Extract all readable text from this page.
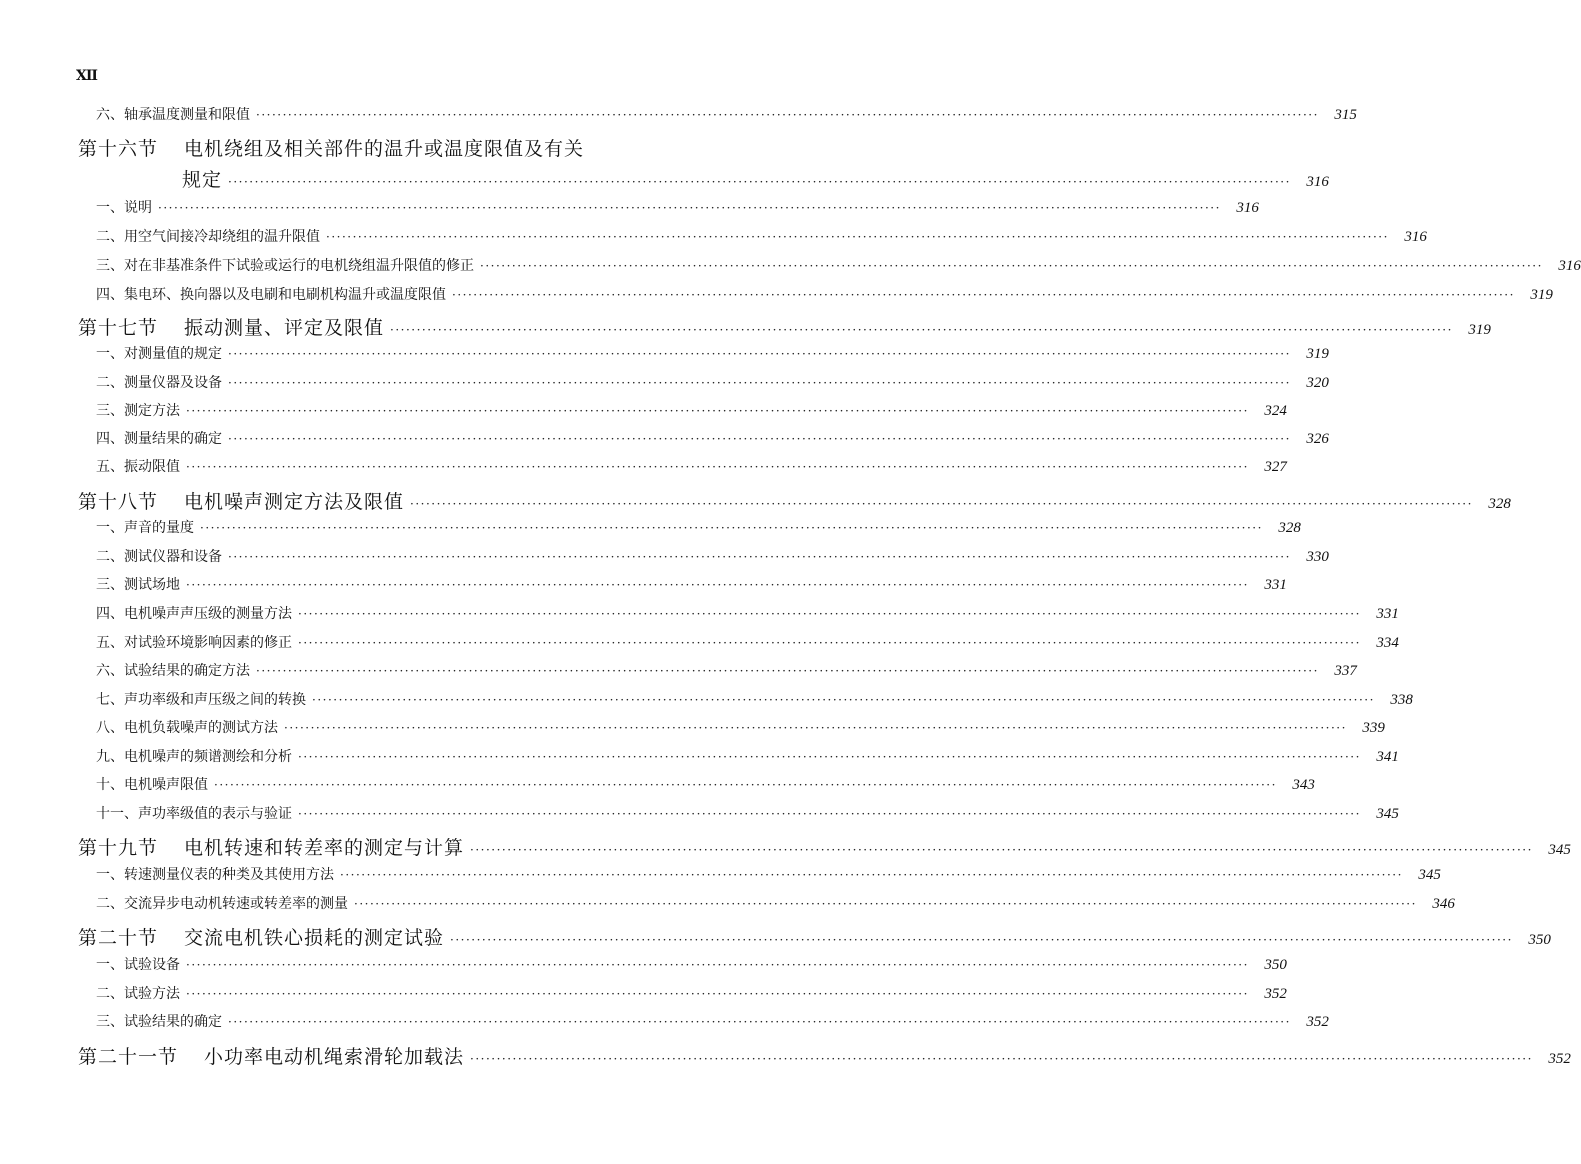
XII
六、轴承温度测量和限值 ········································································································································································································	315
第十六节 电机绕组及相关部件的温升或温度限值及有关
规定 ········································································································································································································	316
一、说明 ········································································································································································································	316
二、用空气间接冷却绕组的温升限值 ········································································································································································································	316
三、对在非基准条件下试验或运行的电机绕组温升限值的修正 ········································································································································································································	316
四、集电环、换向器以及电刷和电刷机构温升或温度限值 ········································································································································································································	319
第十七节 振动测量、评定及限值 ········································································································································································································	319
一、对测量值的规定 ········································································································································································································	319
二、测量仪器及设备 ········································································································································································································	320
三、测定方法 ········································································································································································································	324
四、测量结果的确定 ········································································································································································································	326
五、振动限值 ········································································································································································································	327
第十八节 电机噪声测定方法及限值 ········································································································································································································	328
一、声音的量度 ········································································································································································································	328
二、测试仪器和设备 ········································································································································································································	330
三、测试场地 ········································································································································································································	331
四、电机噪声声压级的测量方法 ········································································································································································································	331
五、对试验环境影响因素的修正 ········································································································································································································	334
六、试验结果的确定方法 ········································································································································································································	337
七、声功率级和声压级之间的转换 ········································································································································································································	338
八、电机负载噪声的测试方法 ········································································································································································································	339
九、电机噪声的频谱测绘和分析 ········································································································································································································	341
十、电机噪声限值 ········································································································································································································	343
十一、声功率级值的表示与验证 ········································································································································································································	345
第十九节 电机转速和转差率的测定与计算 ········································································································································································································	345
一、转速测量仪表的种类及其使用方法 ········································································································································································································	345
二、交流异步电动机转速或转差率的测量 ········································································································································································································	346
第二十节 交流电机铁心损耗的测定试验 ········································································································································································································	350
一、试验设备 ········································································································································································································	350
二、试验方法 ········································································································································································································	352
三、试验结果的确定 ········································································································································································································	352
第二十一节 小功率电动机绳索滑轮加载法 ········································································································································································································	352
